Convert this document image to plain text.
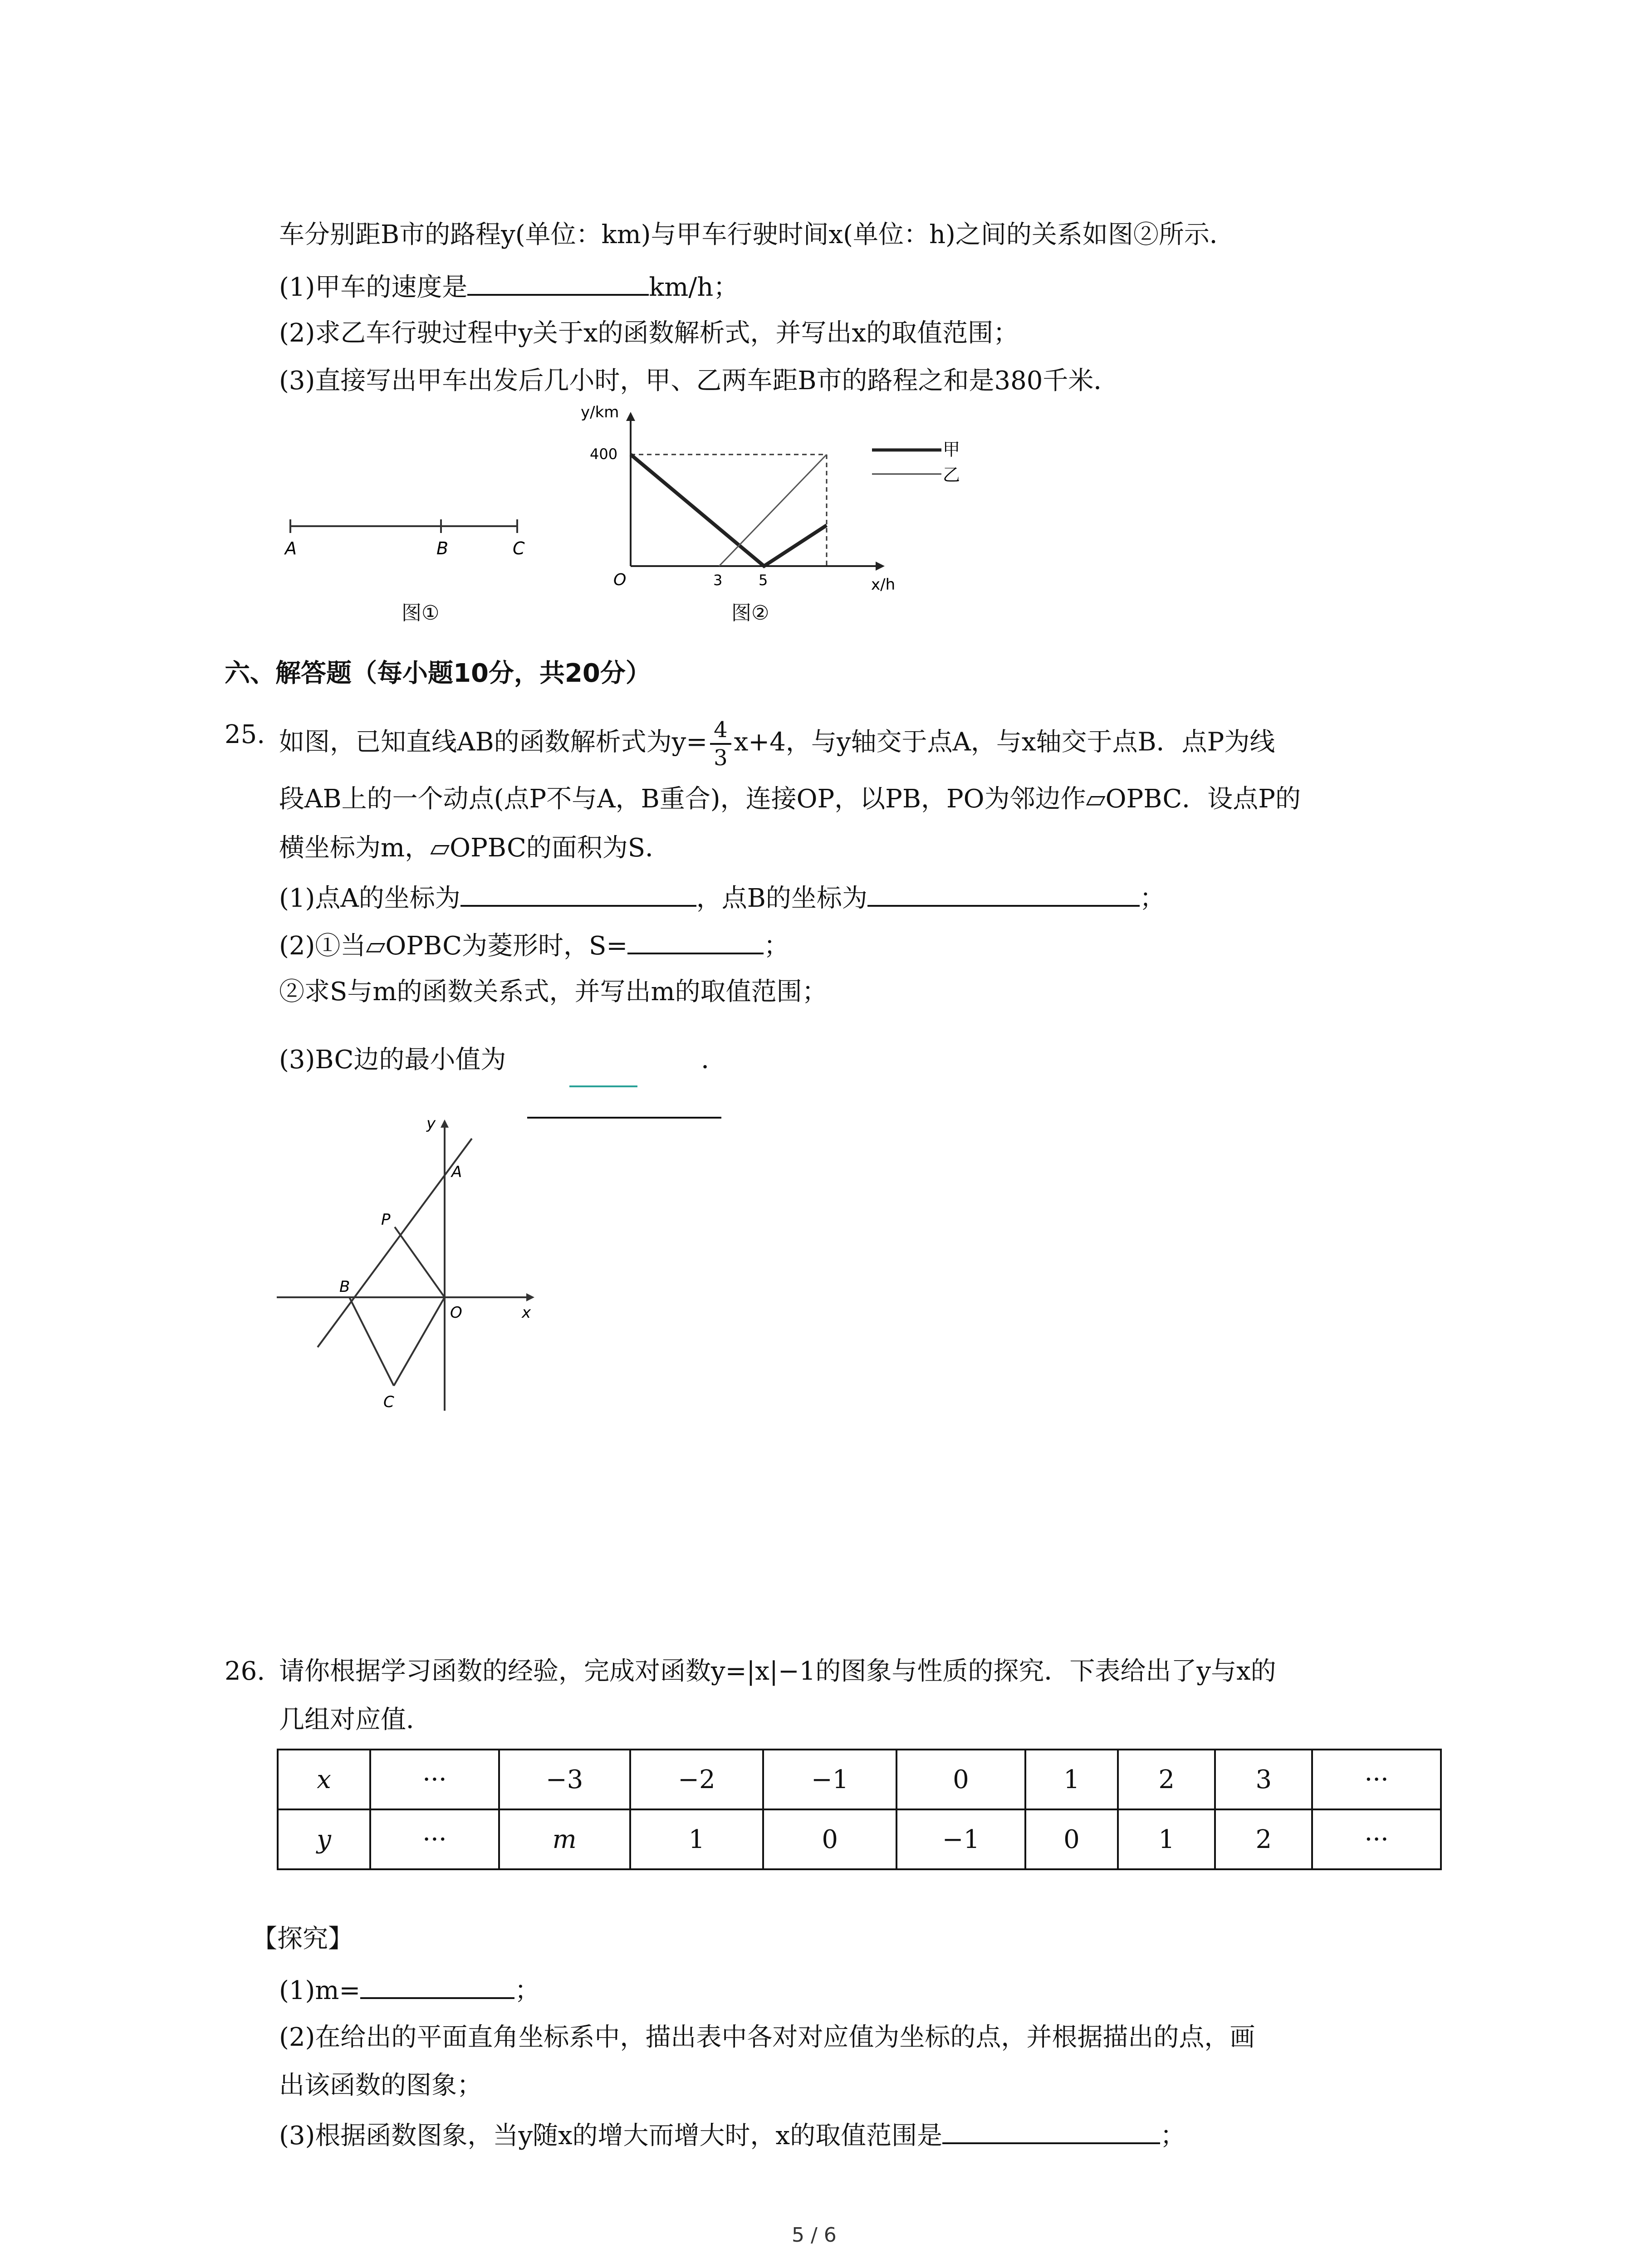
车分别距B市的路程y(单位：km)与甲车行驶时间x(单位：h)之间的关系如图②所示．
(1)甲车的速度是	km/h；
(2)求乙车行驶过程中y关于x的函数解析式，并写出x的取值范围；
(3)直接写出甲车出发后几小时，甲、乙两车距B市的路程之和是380千米．
A	B	C
图①
y/km
x/h
O
400
3 5
甲
乙
图②
六、解答题（每小题10分，共20分）
25. 如图，已知直线AB的函数解析式为$y= \frac{4}{3} x+4$，与y轴交于点A，与x轴交于点B．点P为线
段AB上的一个动点(点P不与A，B重合)，连接OP，以PB，PO为邻边作▱OPBC．设点P的
横坐标为m，▱OPBC的面积为S．
(1)点A的坐标为	，点B的坐标为	；
(2)①当▱OPBC为菱形时，S=	；
②求S与m的函数关系式，并写出m的取值范围；
(3)BC边的最小值为	．
y
x
A
P
B
O
C
26. 请你根据学习函数的经验，完成对函数y=|x|−1的图象与性质的探究．下表给出了y与x的
几组对应值．
x	···	−3	−2	−1	0	1	2	3	···
y	···	m	1	0	−1	0	1	2	···
【探究】
(1)m=	；
(2)在给出的平面直角坐标系中，描出表中各对对应值为坐标的点，并根据描出的点，画
出该函数的图象；
(3)根据函数图象，当y随x的增大而增大时，x的取值范围是	；
5 / 6
